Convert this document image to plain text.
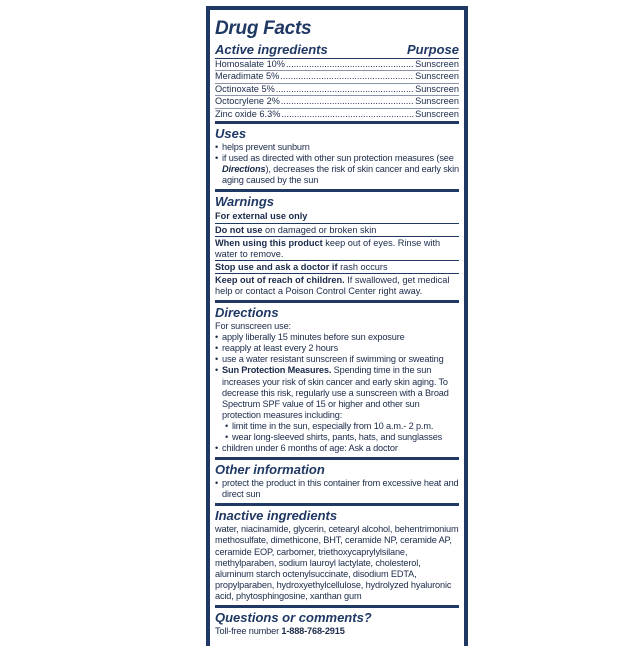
Drug Facts
Active ingredients	Purpose
Homosalate 10% .....	Sunscreen
Meradimate 5% .....	Sunscreen
Octinoxate 5% .....	Sunscreen
Octocrylene 2% .....	Sunscreen
Zinc oxide 6.3% .....	Sunscreen
Uses
• helps prevent sunburn
• if used as directed with other sun protection measures (see Directions), decreases the risk of skin cancer and early skin aging caused by the sun
Warnings
For external use only
Do not use on damaged or broken skin
When using this product keep out of eyes. Rinse with water to remove.
Stop use and ask a doctor if rash occurs
Keep out of reach of children. If swallowed, get medical help or contact a Poison Control Center right away.
Directions
For sunscreen use:
• apply liberally 15 minutes before sun exposure
• reapply at least every 2 hours
• use a water resistant sunscreen if swimming or sweating
• Sun Protection Measures. Spending time in the sun increases your risk of skin cancer and early skin aging. To decrease this risk, regularly use a sunscreen with a Broad Spectrum SPF value of 15 or higher and other sun protection measures including:
• limit time in the sun, especially from 10 a.m.- 2 p.m.
• wear long-sleeved shirts, pants, hats, and sunglasses
• children under 6 months of age: Ask a doctor
Other information
• protect the product in this container from excessive heat and direct sun
Inactive ingredients
water, niacinamide, glycerin, cetearyl alcohol, behentrimonium methosulfate, dimethicone, BHT, ceramide NP, ceramide AP, ceramide EOP, carbomer, triethoxycaprylylsilane, methylparaben, sodium lauroyl lactylate, cholesterol, aluminum starch octenylsuccinate, disodium EDTA, propylparaben, hydroxyethylcellulose, hydrolyzed hyaluronic acid, phytosphingosine, xanthan gum
Questions or comments?
Toll-free number 1-888-768-2915
